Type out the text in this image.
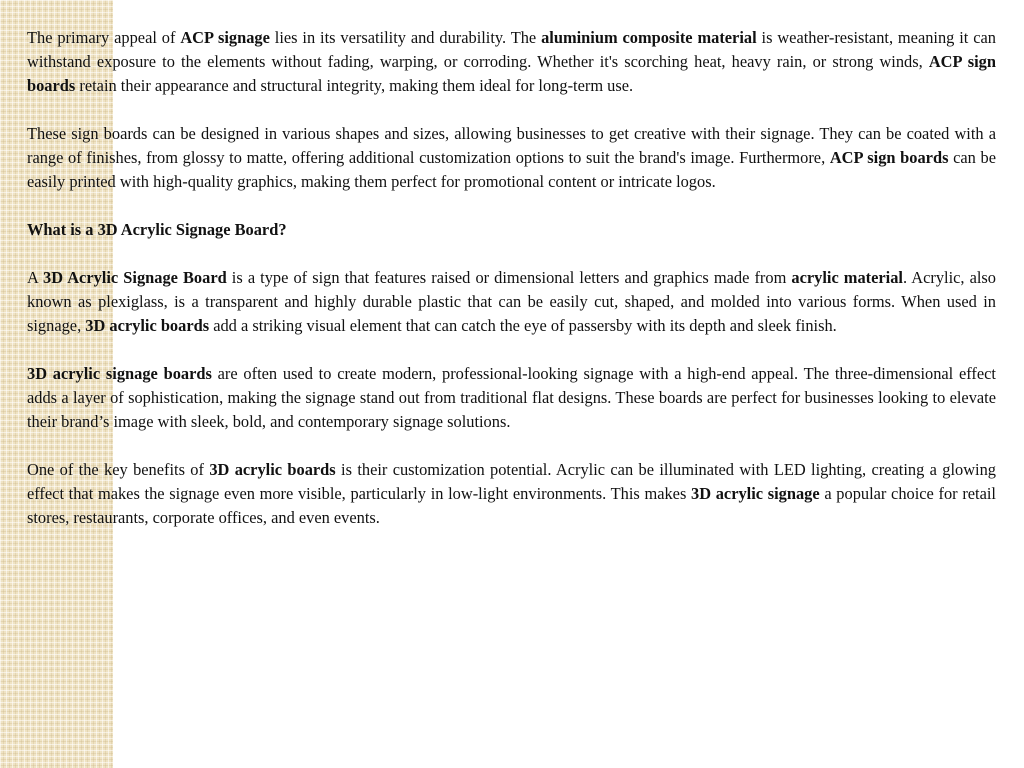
The primary appeal of ACP signage lies in its versatility and durability. The aluminium composite material is weather-resistant, meaning it can withstand exposure to the elements without fading, warping, or corroding. Whether it's scorching heat, heavy rain, or strong winds, ACP sign boards retain their appearance and structural integrity, making them ideal for long-term use.

These sign boards can be designed in various shapes and sizes, allowing businesses to get creative with their signage. They can be coated with a range of finishes, from glossy to matte, offering additional customization options to suit the brand's image. Furthermore, ACP sign boards can be easily printed with high-quality graphics, making them perfect for promotional content or intricate logos.

What is a 3D Acrylic Signage Board?

A 3D Acrylic Signage Board is a type of sign that features raised or dimensional letters and graphics made from acrylic material. Acrylic, also known as plexiglass, is a transparent and highly durable plastic that can be easily cut, shaped, and molded into various forms. When used in signage, 3D acrylic boards add a striking visual element that can catch the eye of passersby with its depth and sleek finish.

3D acrylic signage boards are often used to create modern, professional-looking signage with a high-end appeal. The three-dimensional effect adds a layer of sophistication, making the signage stand out from traditional flat designs. These boards are perfect for businesses looking to elevate their brand’s image with sleek, bold, and contemporary signage solutions.

One of the key benefits of 3D acrylic boards is their customization potential. Acrylic can be illuminated with LED lighting, creating a glowing effect that makes the signage even more visible, particularly in low-light environments. This makes 3D acrylic signage a popular choice for retail stores, restaurants, corporate offices, and even events.
